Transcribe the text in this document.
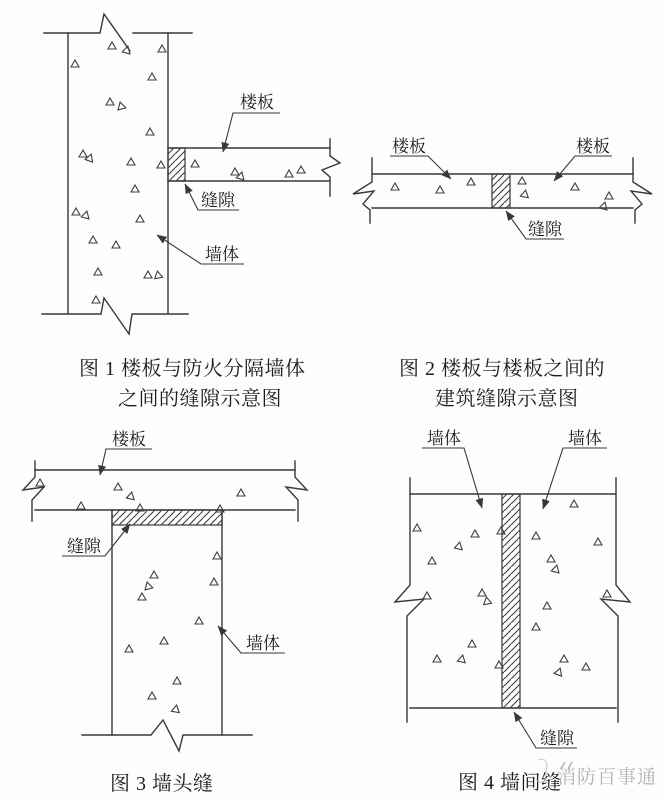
楼板
缝隙
墙体
图 1 楼板与防火分隔墙体
之间的缝隙示意图
楼板	楼板
缝隙
图 2 楼板与楼板之间的
建筑缝隙示意图
楼板
缝隙
墙体
图 3 墙头缝
墙体	墙体
缝隙
图 4 墙间缝
消防百事通
